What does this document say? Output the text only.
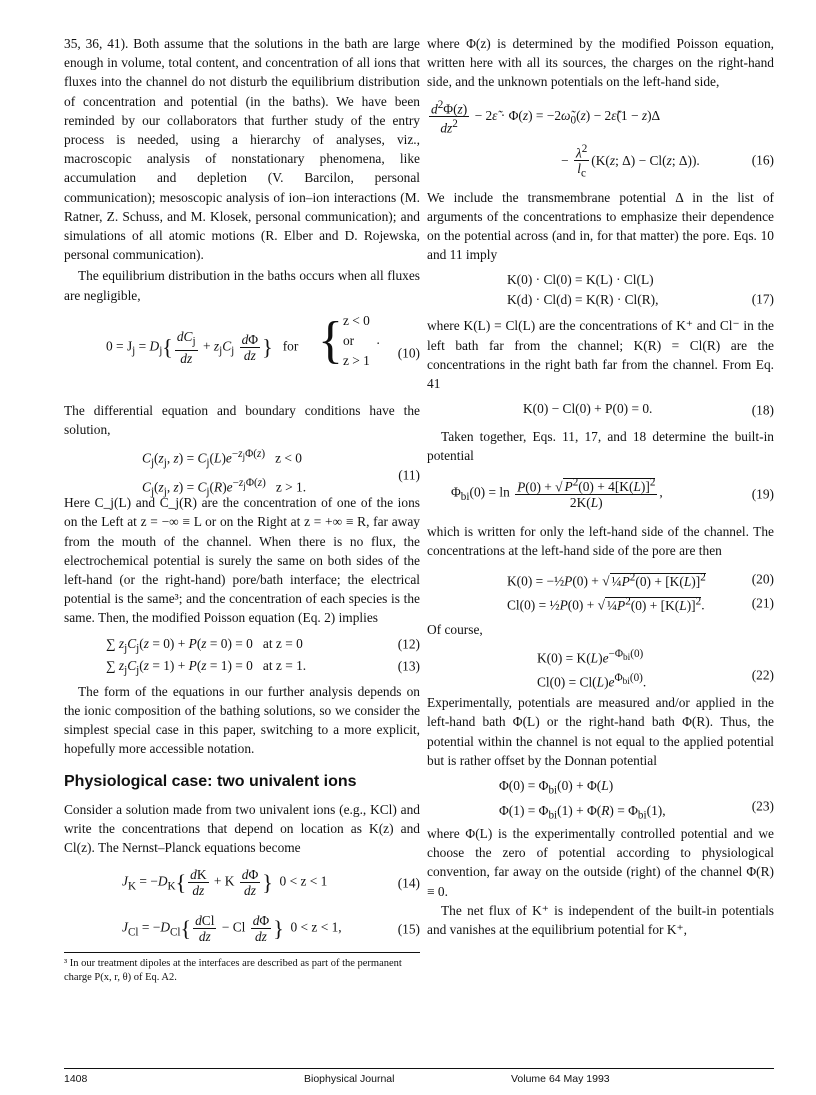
35, 36, 41). Both assume that the solutions in the bath are large enough in volume, total content, and concentration of all ions that fluxes into the channel do not disturb the equilibrium distribution of concentration and potential (in the baths). We have been reminded by our collaborators that further study of the entry process is needed, using a hierarchy of analyses, viz., macroscopic analysis of nonstationary phenomena, like accumulation and depletion (V. Barcilon, personal communication); mesoscopic analysis of ion–ion interactions (M. Ratner, Z. Schuss, and M. Klosek, personal communication); and simulations of all atomic motions (R. Elber and D. Rojewska, personal communication).

The equilibrium distribution in the baths occurs when all fluxes are negligible,

$0 = J_j = D_j\{ \frac{dC_j}{dz} + z_jC_j \frac{d\Phi}{dz}$ } for { z < 0
or
z > 1
.
(10)

The differential equation and boundary conditions have the solution,

$C_j(z_j$, $z) = C_j(L)e^{-z_j\Phi(z)}$ z < 0
$C_j(z_j$, $z) = C_j(R)e^{-z_j\Phi(z)}$ z > 1.
(11)

Here C_j(L) and C_j(R) are the concentration of one of the ions on the Left at z = −∞ ≡ L or on the Right at z = +∞ ≡ R, far away from the mouth of the channel. When there is no flux, the electrochemical potential is surely the same on both sides of the left-hand (or the right-hand) pore/bath interface; the electrical potential is the same³; and the concentration of each species is the same. Then, the modified Poisson equation (Eq. 2) implies

∑ $z_jC_j(z = 0) + P(z = 0) = 0$   at z = 0	(12)
∑ $z_jC_j(z = 1) + P(z = 1) = 0$   at z = 1.	(13)

The form of the equations in our further analysis depends on the ionic composition of the bathing solutions, so we consider the simplest special case in this paper, switching to a more explicit, hopefully more accessible notation.

Physiological case: two univalent ions

Consider a solution made from two univalent ions (e.g., KCl) and write the concentrations that depend on location as K(z) and Cl(z). The Nernst–Planck equations become

$J_K = -D_K\{ \frac{dK}{dz} + K \frac{d\Phi}{dz}$ } 0 < z < 1	(14)
$J_{Cl} = -D_{Cl}\{ \frac{\text{dCl}}{dz} - Cl \frac{d\Phi}{dz}$ } 0 < z < 1,	(15)
³ In our treatment dipoles at the interfaces are described as part of the permanent charge P(x, r, θ) of Eq. A2.

where Φ(z) is determined by the modified Poisson equation, written here with all its sources, the charges on the right-hand side, and the unknown potentials on the left-hand side,

$\frac{d^2\Phi(z)}{dz^2}$ − 2ε̃ · $\Phi(z) = -2\omegã_0(z)$ − 2ε̃(1 − z)Δ
− $\frac{\lambda^2}{l_c} (K(z$; Δ) − Cl(z; Δ)).	(16)

We include the transmembrane potential Δ in the list of arguments of the concentrations to emphasize their dependence on the potential across (and in, for that matter) the pore. Eqs. 10 and 11 imply

K(0) · Cl(0) = K(L) · Cl(L)
K(d) · Cl(d) = K(R) · Cl(R),	(17)

where K(L) = Cl(L) are the concentrations of K⁺ and Cl⁻ in the left bath far from the channel; K(R) = Cl(R) are the concentrations in the right bath far from the channel. From Eq. 41

K(0) − Cl(0) + P(0) = 0.	(18)

Taken together, Eqs. 11, 17, and 18 determine the built-in potential

$\Phi_{bi}(0) = \ln \frac{P(0) + √ P^2(0) + 4[K(L)]^2}{2K(L)}$ ,	(19)

which is written for only the left-hand side of the channel. The concentrations at the left-hand side of the pore are then

K(0) = −½P(0) + √ $\frac{1}{4}P^2(0) + [K(L)]^2$	(20)
Cl(0) = ½P(0) + √ $\frac{1}{4}P^2(0) + [K(L)]^2$.	(21)

Of course,

$K(0) = K(L)e^{-\Phi_{bi}(0)}$
$Cl(0) = Cl(L)e^{\Phi_{bi}(0)}$.	(22)

Experimentally, potentials are measured and/or applied in the left-hand bath Φ(L) or the right-hand bath Φ(R). Thus, the potential within the channel is not equal to the applied potential but is rather offset by the Donnan potential

$\Phi(0) = \Phi_{bi}(0) + \Phi(L)$
$\Phi(1) = \Phi_{bi}(1) + \Phi(R) = \Phi_{bi}(1)$,	(23)

where Φ(L) is the experimentally controlled potential and we choose the zero of potential according to physiological convention, far away on the outside (right) of the channel Φ(R) ≡ 0.

The net flux of K⁺ is independent of the built-in potentials and vanishes at the equilibrium potential for K⁺,

1408	Biophysical Journal	Volume 64 May 1993
